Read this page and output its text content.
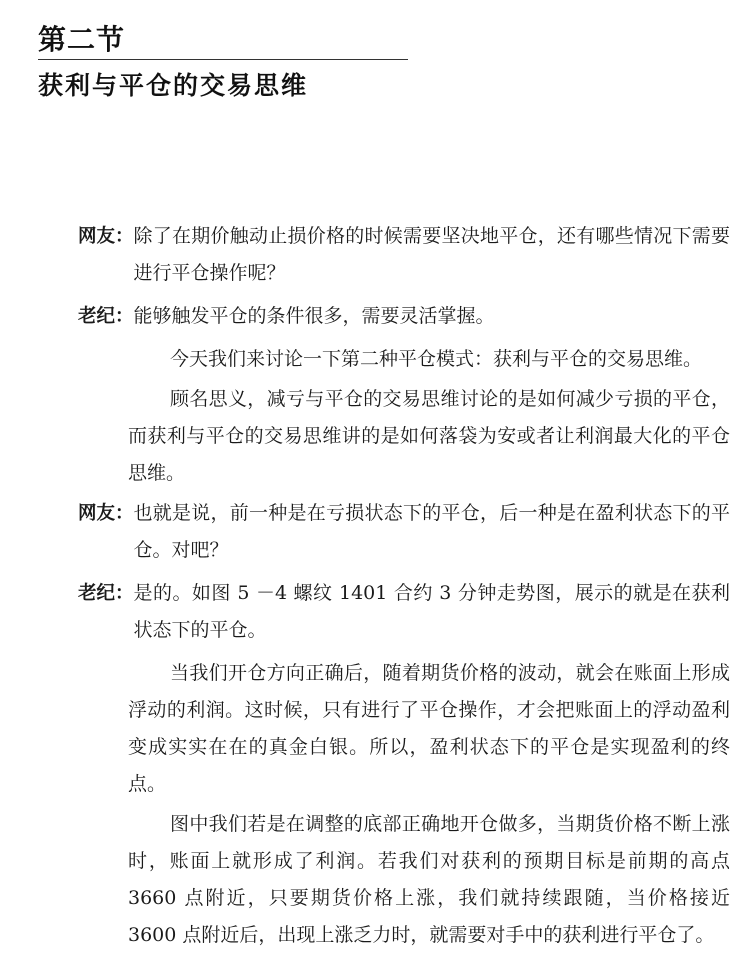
第二节
获利与平仓的交易思维
网友： 除了在期价触动止损价格的时候需要坚决地平仓，还有哪些情况下需要进行平仓操作呢？
老纪： 能够触发平仓的条件很多，需要灵活掌握。

今天我们来讨论一下第二种平仓模式：获利与平仓的交易思维。

顾名思义，减亏与平仓的交易思维讨论的是如何减少亏损的平仓，而获利与平仓的交易思维讲的是如何落袋为安或者让利润最大化的平仓思维。

网友： 也就是说，前一种是在亏损状态下的平仓，后一种是在盈利状态下的平仓。对吧？
老纪： 是的。如图 5 －4 螺纹 1401 合约 3 分钟走势图，展示的就是在获利状态下的平仓。

当我们开仓方向正确后，随着期货价格的波动，就会在账面上形成浮动的利润。这时候，只有进行了平仓操作，才会把账面上的浮动盈利变成实实在在的真金白银。所以，盈利状态下的平仓是实现盈利的终点。

图中我们若是在调整的底部正确地开仓做多，当期货价格不断上涨时，账面上就形成了利润。若我们对获利的预期目标是前期的高点 3660 点附近，只要期货价格上涨，我们就持续跟随，当价格接近 3600 点附近后，出现上涨乏力时，就需要对手中的获利进行平仓了。
